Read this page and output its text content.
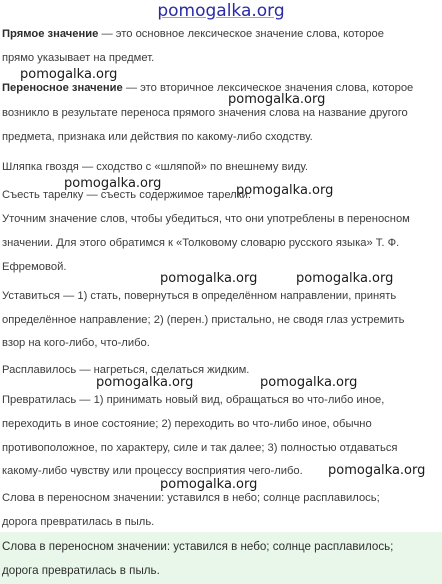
pomogalka.org
Прямое значение — это основное лексическое значение слова, которое
прямо указывает на предмет.
Переносное значение — это вторичное лексическое значения слова, которое
возникло в результате переноса прямого значения слова на название другого
предмета, признака или действия по какому-либо сходству.
Шляпка гвоздя — сходство с «шляпой» по внешнему виду.
Съесть тарелку — съесть содержимое тарелки.
Уточним значение слов, чтобы убедиться, что они употреблены в переносном
значении. Для этого обратимся к «Толковому словарю русского языка» Т. Ф.
Ефремовой.
Уставиться — 1) стать, повернуться в определённом направлении, принять
определённое направление; 2) (перен.) пристально, не сводя глаз устремить
взор на кого-либо, что-либо.
Расплавилось — нагреться, сделаться жидким.
Превратилась — 1) принимать новый вид, обращаться во что-либо иное,
переходить в иное состояние; 2) переходить во что-либо иное, обычно
противоположное, по характеру, силе и так далее; 3) полностью отдаваться
какому-либо чувству или процессу восприятия чего-либо.
Слова в переносном значении: уставился в небо; солнце расплавилось;
дорога превратилась в пыль.
Слова в переносном значении: уставился в небо; солнце расплавилось;
дорога превратилась в пыль.
pomogalka.org
pomogalka.org
pomogalka.org	pomogalka.org
pomogalka.org	pomogalka.org
pomogalka.org	pomogalka.org
pomogalka.org
pomogalka.org
